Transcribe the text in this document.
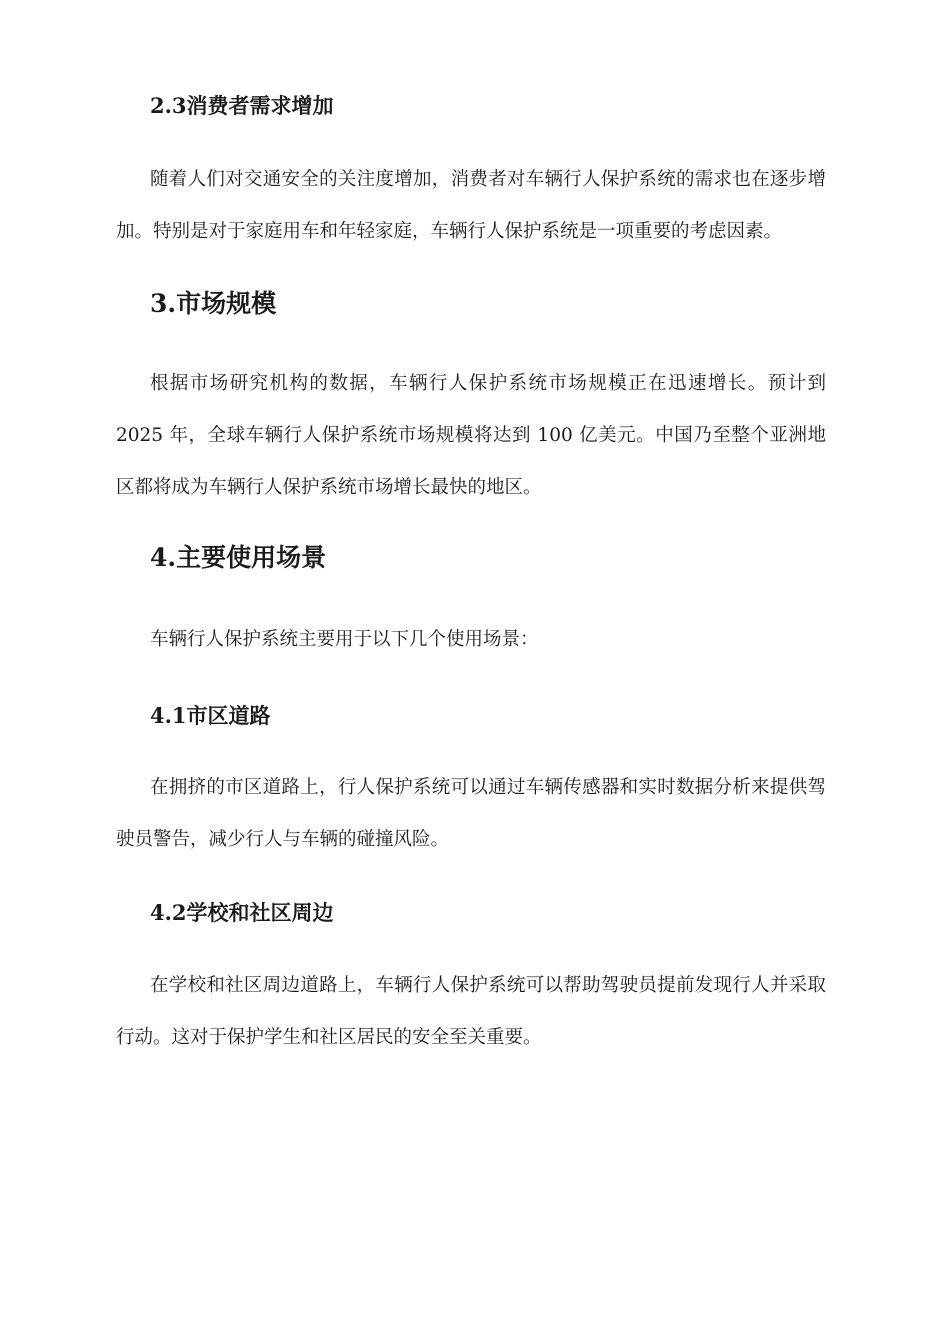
2.3消费者需求增加

随着人们对交通安全的关注度增加，消费者对车辆行人保护系统的需求也在逐步增加。特别是对于家庭用车和年轻家庭，车辆行人保护系统是一项重要的考虑因素。

3.市场规模

根据市场研究机构的数据，车辆行人保护系统市场规模正在迅速增长。预计到2025 年，全球车辆行人保护系统市场规模将达到 100 亿美元。中国乃至整个亚洲地区都将成为车辆行人保护系统市场增长最快的地区。

4.主要使用场景

车辆行人保护系统主要用于以下几个使用场景：

4.1市区道路

在拥挤的市区道路上，行人保护系统可以通过车辆传感器和实时数据分析来提供驾驶员警告，减少行人与车辆的碰撞风险。

4.2学校和社区周边

在学校和社区周边道路上，车辆行人保护系统可以帮助驾驶员提前发现行人并采取行动。这对于保护学生和社区居民的安全至关重要。
